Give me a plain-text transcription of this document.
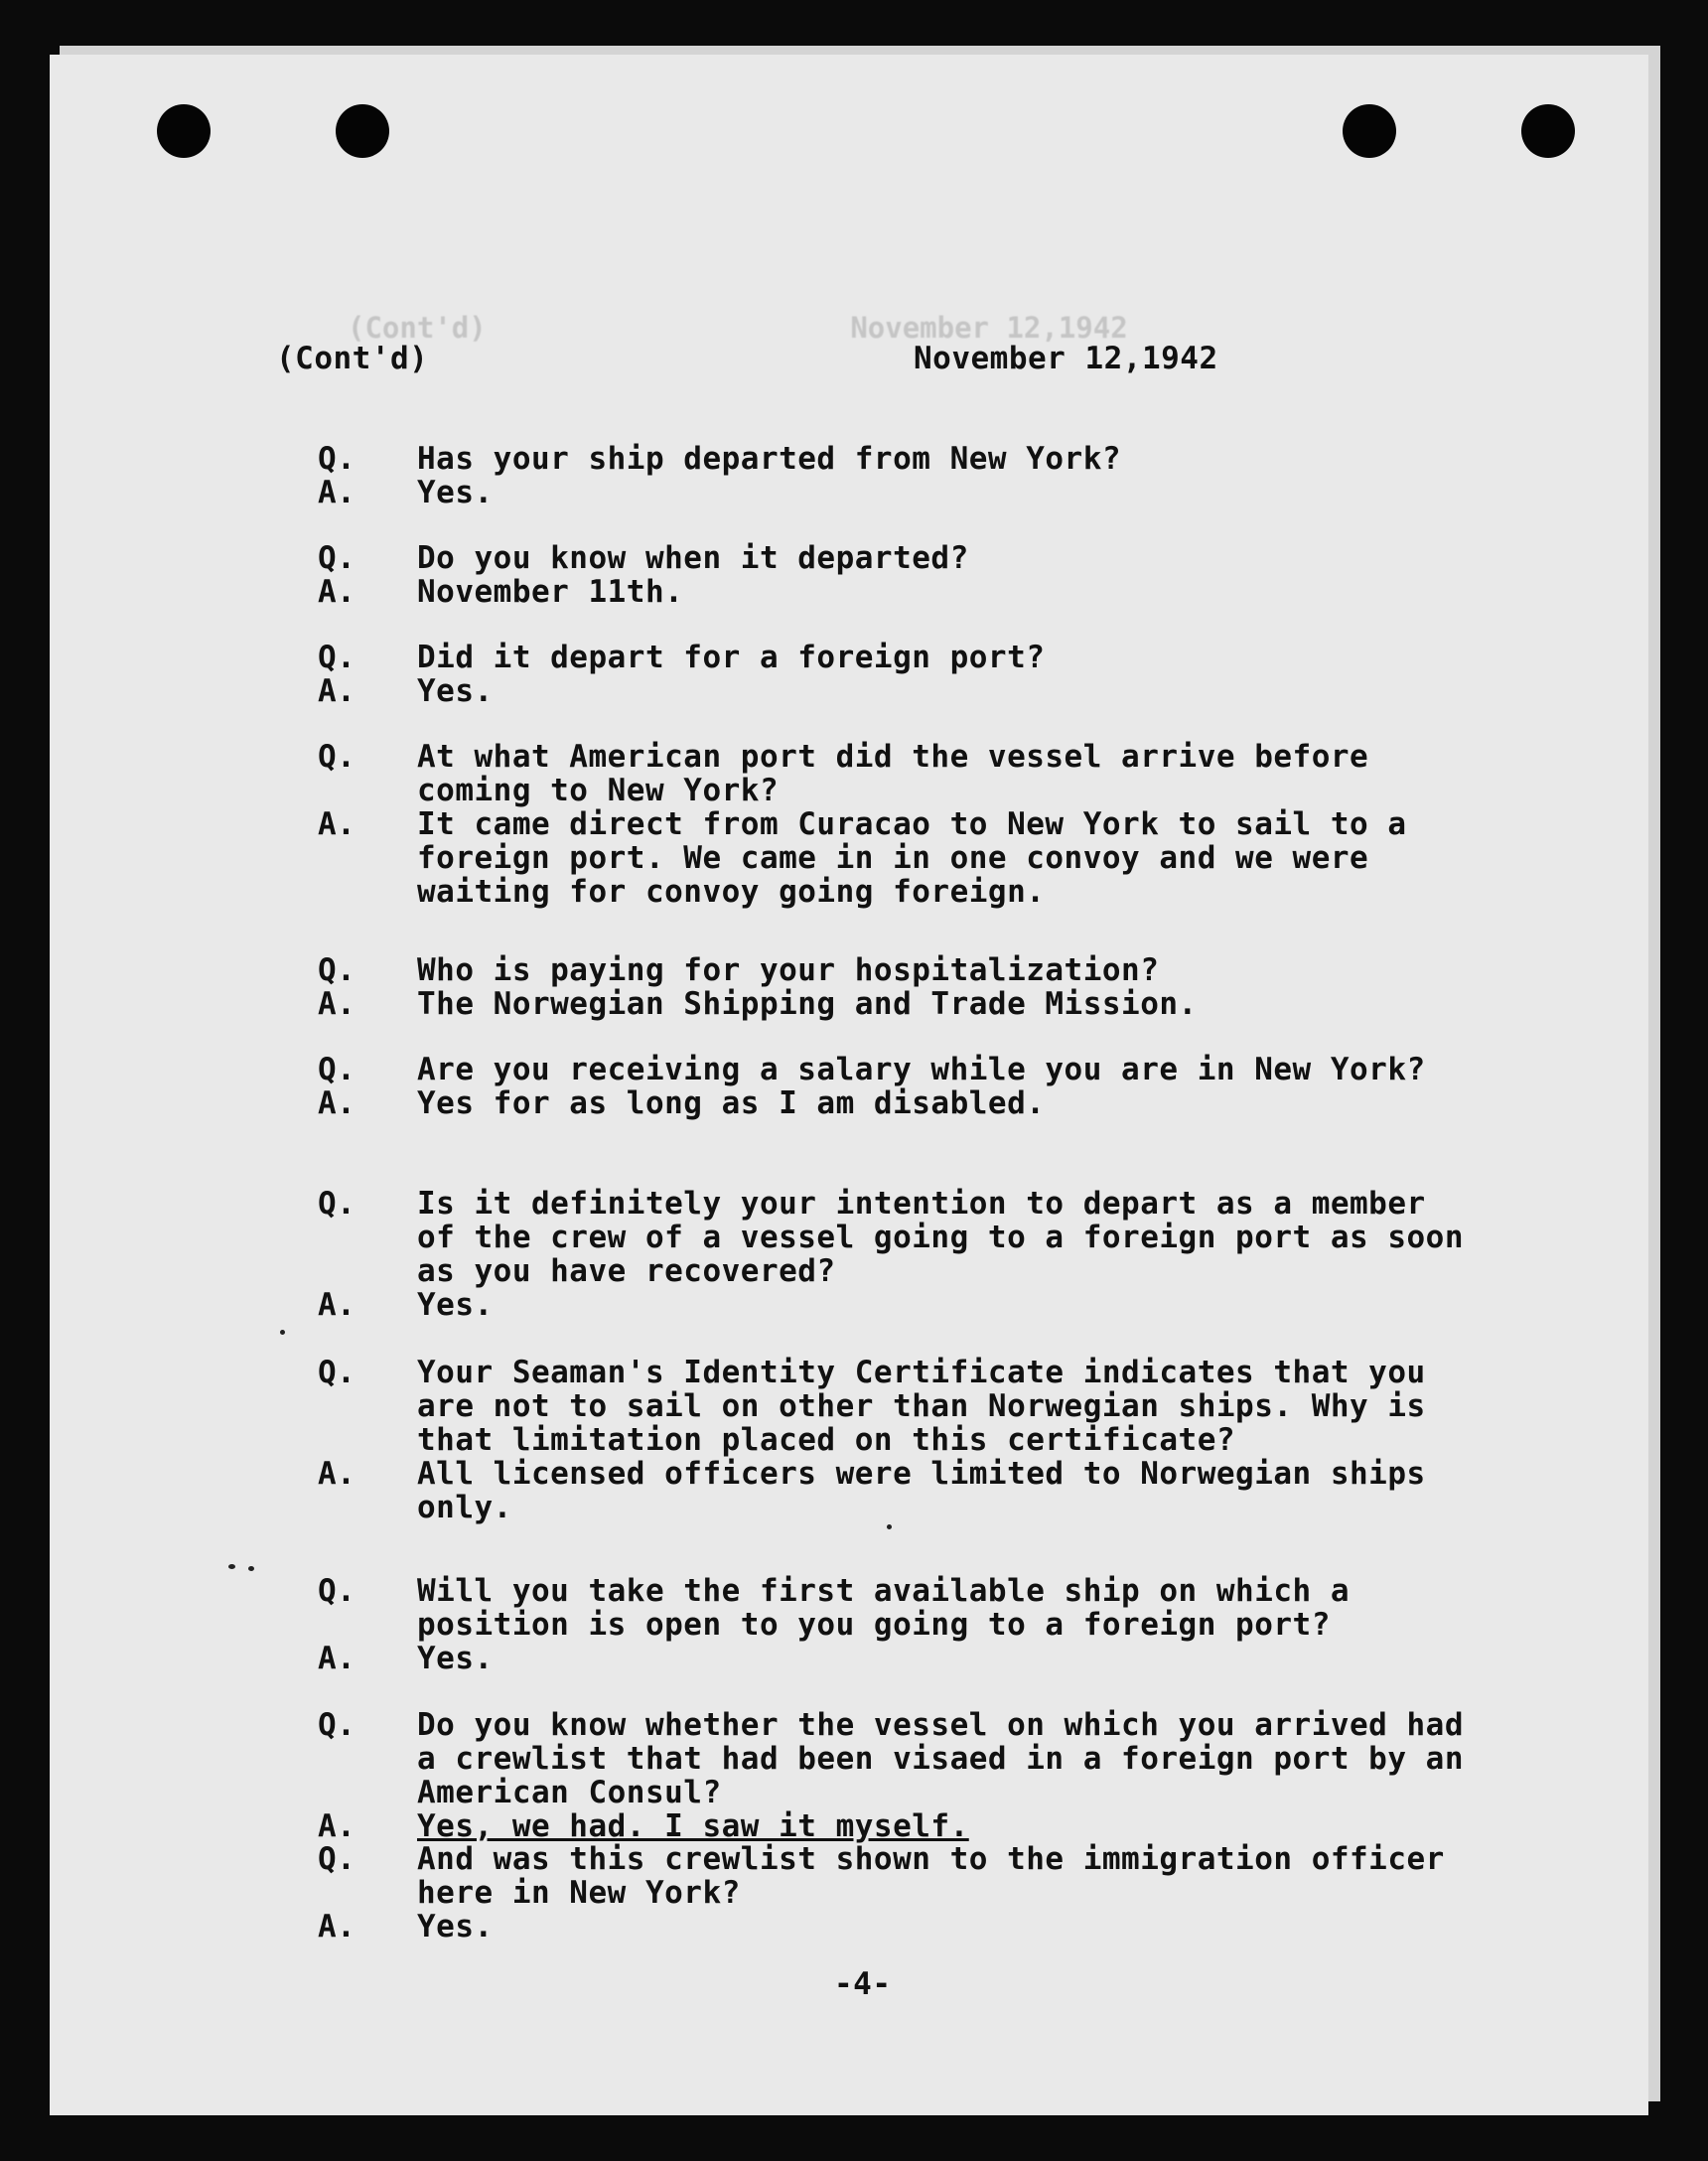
(Cont'd)                     November 12,1942
(Cont'd)	November 12,1942
Q.	Has your ship departed from New York?
A.	Yes.
Q.	Do you know when it departed?
A.	November 11th.
Q.	Did it depart for a foreign port?
A.	Yes.
Q.	At what American port did the vessel arrive before coming to New York?
A.	It came direct from Curacao to New York to sail to a foreign port. We came in in one convoy and we were waiting for convoy going foreign.
Q.	Who is paying for your hospitalization?
A.	The Norwegian Shipping and Trade Mission.
Q.	Are you receiving a salary while you are in New York?
A.	Yes for as long as I am disabled.
Q.	Is it definitely your intention to depart as a member of the crew of a vessel going to a foreign port as soon as you have recovered?
A.	Yes.
Q.	Your Seaman's Identity Certificate indicates that you are not to sail on other than Norwegian ships. Why is that limitation placed on this certificate?
A.	All licensed officers were limited to Norwegian ships only.
Q.	Will you take the first available ship on which a position is open to you going to a foreign port?
A.	Yes.
Q.	Do you know whether the vessel on which you arrived had a crewlist that had been visaed in a foreign port by an American Consul?
A.	Yes, we had. I saw it myself.
Q.	And was this crewlist shown to the immigration officer here in New York?
A.	Yes.
-4-
